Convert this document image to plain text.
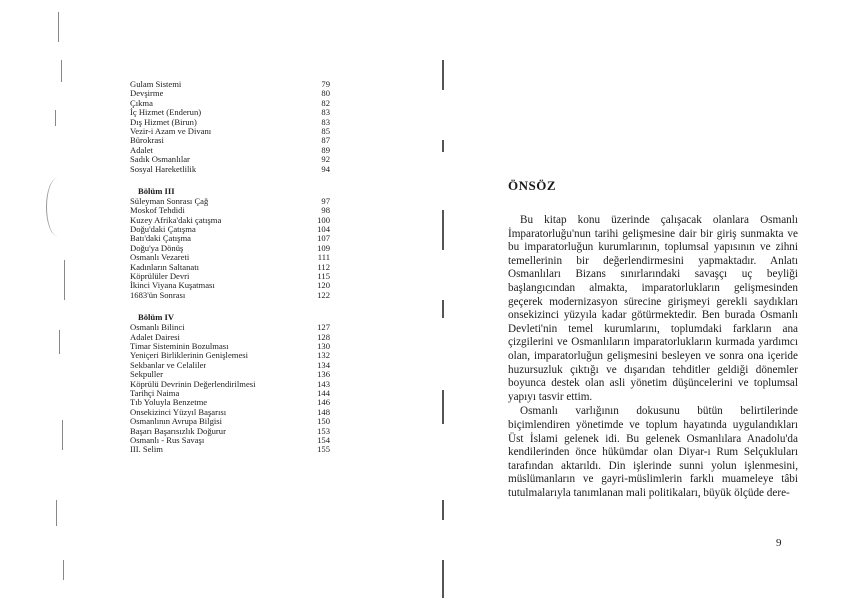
Gulam Sistemi	79
Devşirme	80
Çıkma	82
İç Hizmet (Enderun)	83
Dış Hizmet (Birun)	83
Vezir-i Azam ve Divanı	85
Bürokrasi	87
Adalet	89
Sadık Osmanlılar	92
Sosyal Hareketlilik	94
Bölüm III
Süleyman Sonrası Çağ	97
Moskof Tehdidi	98
Kuzey Afrika'daki çatışma	100
Doğu'daki Çatışma	104
Batı'daki Çatışma	107
Doğu'ya Dönüş	109
Osmanlı Vezareti	111
Kadınların Saltanatı	112
Köprülüler Devri	115
İkinci Viyana Kuşatması	120
1683'ün Sonrası	122
Bölüm IV
Osmanlı Bilinci	127
Adalet Dairesi	128
Timar Sisteminin Bozulması	130
Yeniçeri Birliklerinin Genişlemesi	132
Sekbanlar ve Celaliler	134
Sekpuller	136
Köprülü Devrinin Değerlendirilmesi	143
Tarihçi Naima	144
Tıb Yoluyla Benzetme	146
Onsekizinci Yüzyıl Başarısı	148
Osmanlının Avrupa Bilgisi	150
Başarı Başarısızlık Doğurur	153
Osmanlı - Rus Savaşı	154
III. Selim	155
ÖNSÖZ

Bu kitap konu üzerinde çalışacak olanlara Osmanlı İmparatorluğu'nun tarihi gelişmesine dair bir giriş sunmakta ve bu imparatorluğun kurumlarının, toplumsal yapısının ve zihni temellerinin bir değerlendirmesini yapmaktadır. Anlatı Osmanlıları Bizans sınırlarındaki savaşçı uç beyliği başlangıcından almakta, imparatorlukların gelişmesinden geçerek modernizasyon sürecine girişmeyi gerekli saydıkları onsekizinci yüzyıla kadar götürmektedir. Ben burada Osmanlı Devleti'nin temel kurumlarını, toplumdaki farkların ana çizgilerini ve Osmanlıların imparatorlukların kurmada yardımcı olan, imparatorluğun gelişmesini besleyen ve sonra ona içeride huzursuzluk çıktığı ve dışarıdan tehditler geldiği dönemler boyunca destek olan asli yönetim düşüncelerini ve toplumsal yapıyı tasvir ettim.

Osmanlı varlığının dokusunu bütün belirtilerinde biçimlendiren yönetimde ve toplum hayatında uygulandıkları Üst İslami gelenek idi. Bu gelenek Osmanlılara Anadolu'da kendilerinden önce hükümdar olan Diyar-ı Rum Selçukluları tarafından aktarıldı. Din işlerinde sunni yolun işlenmesini, müslümanların ve gayri-müslimlerin farklı muameleye tâbi tutulmalarıyla tanımlanan mali politikaları, büyük ölçüde dere-

9
